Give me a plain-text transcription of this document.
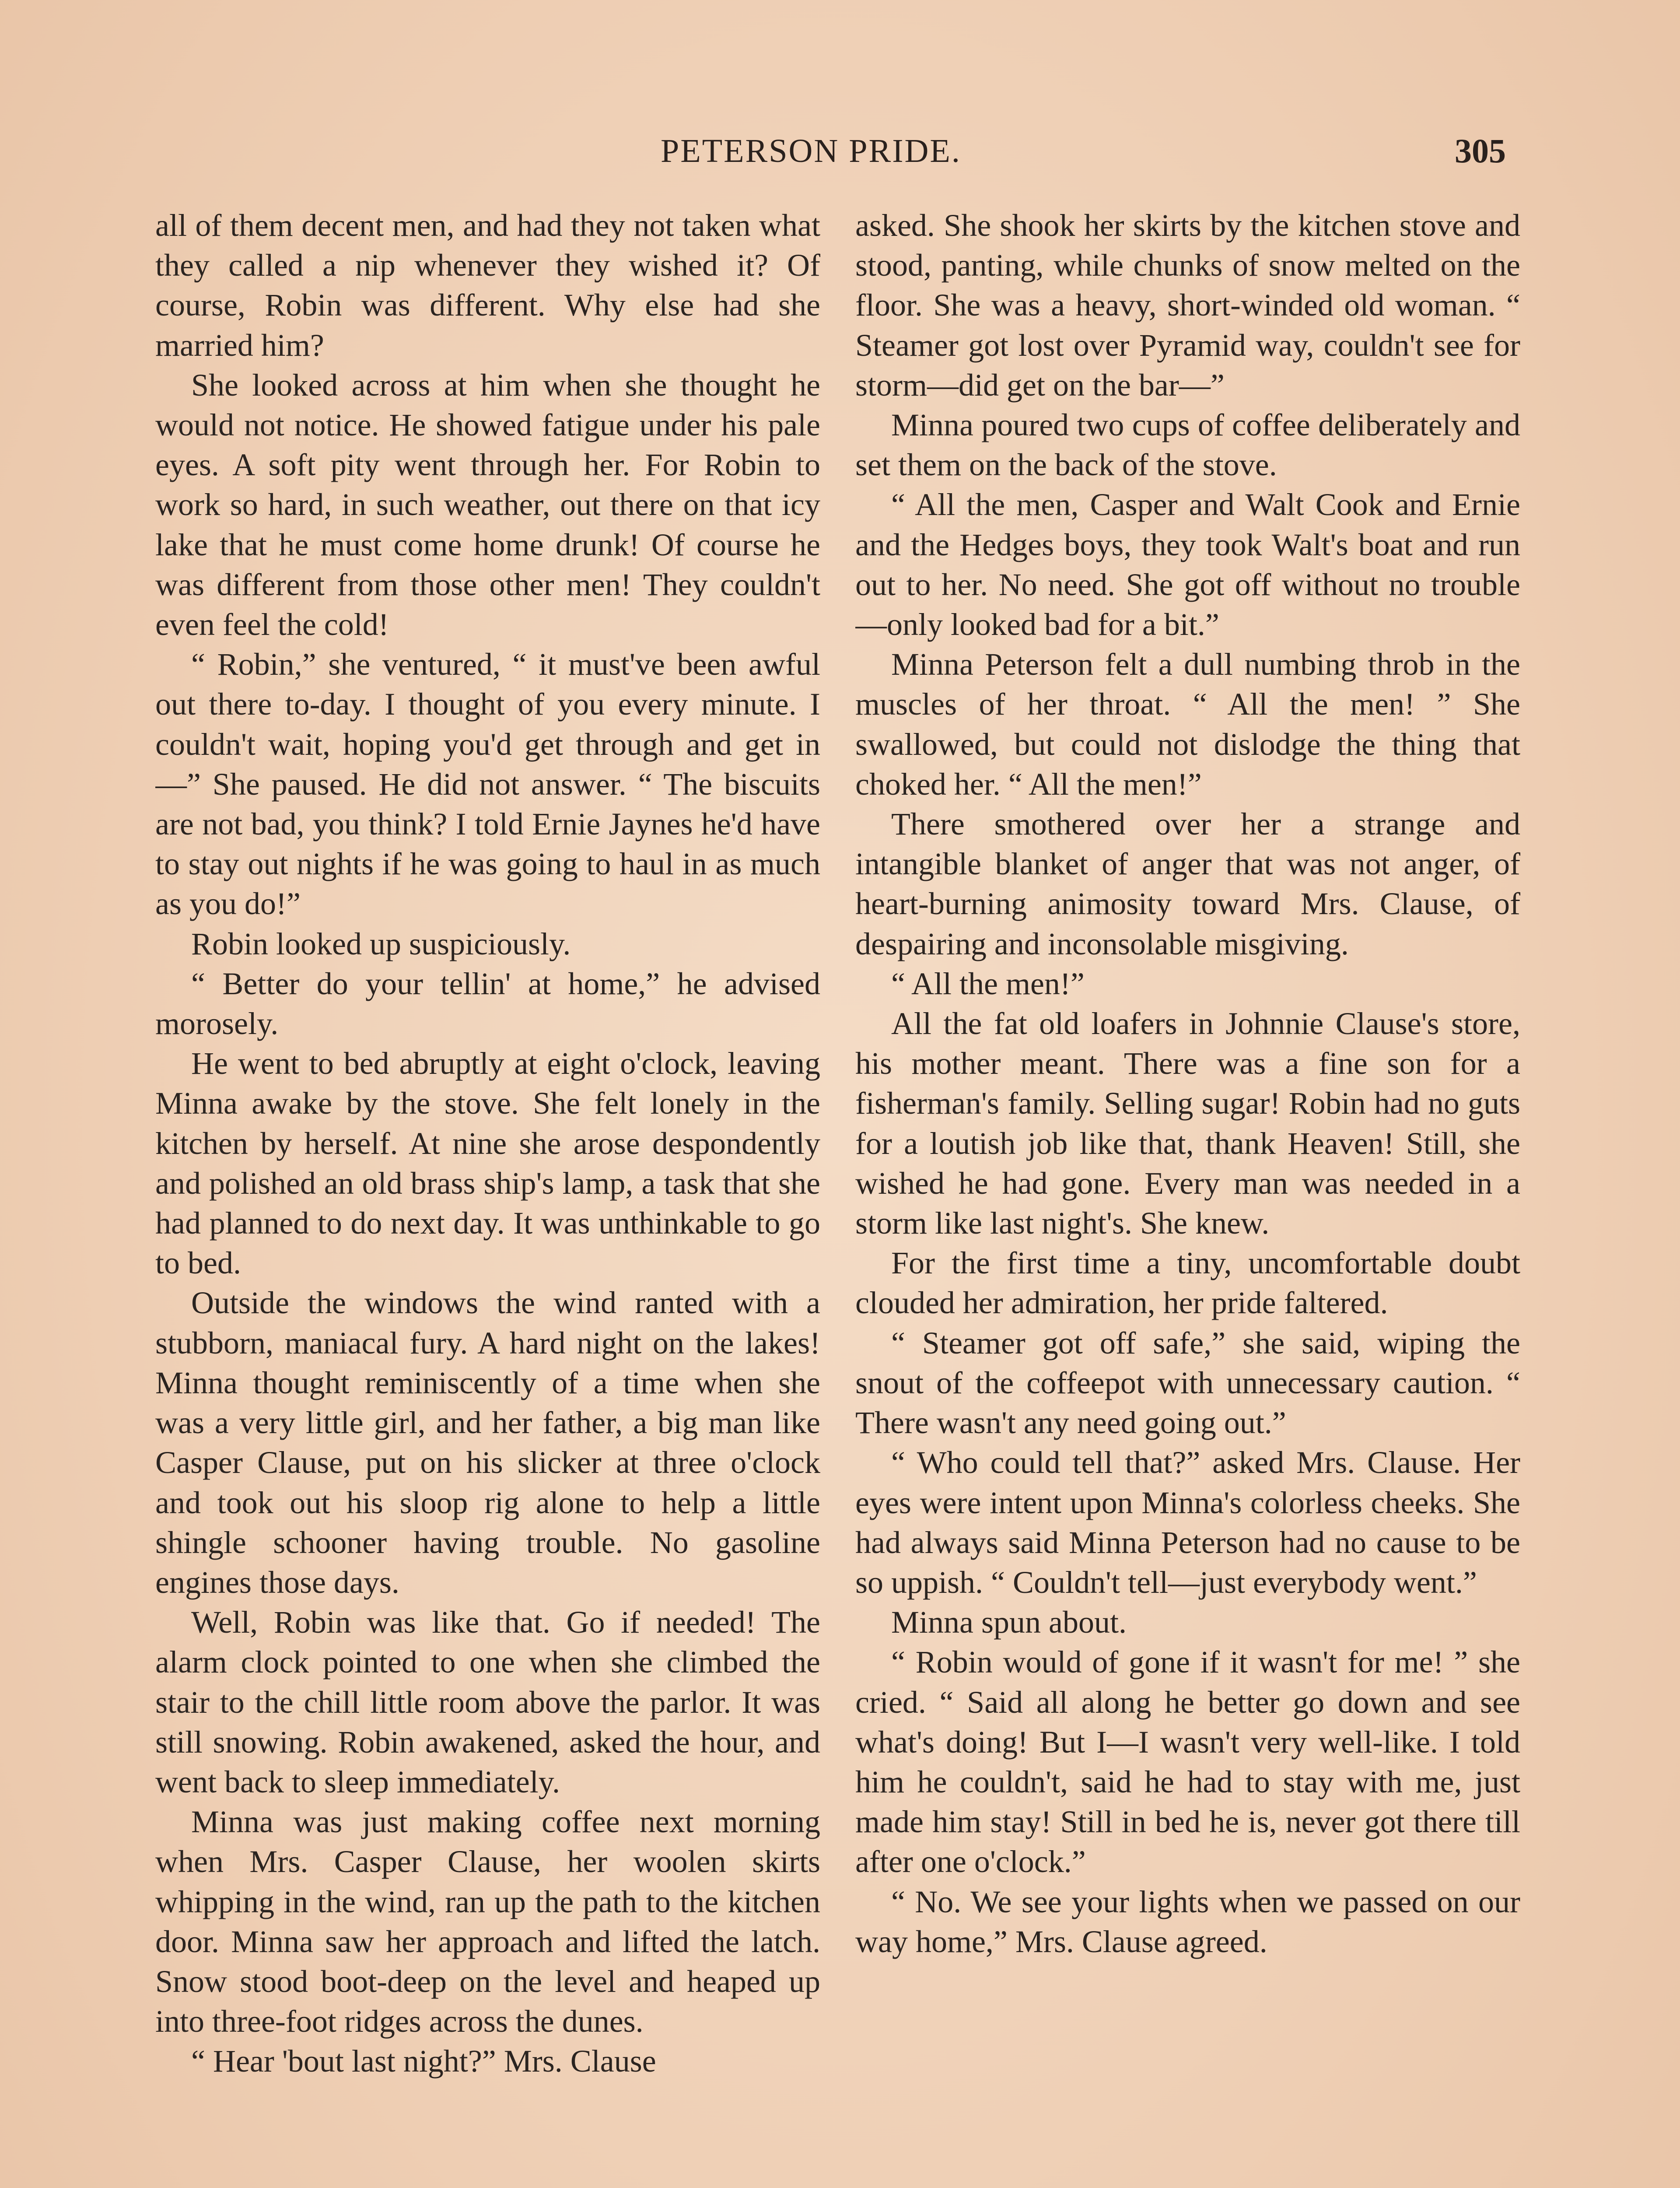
PETERSON PRIDE.	305

all of them decent men, and had they not taken what they called a nip whenever they wished it? Of course, Robin was different. Why else had she married him?

She looked across at him when she thought he would not notice. He showed fatigue under his pale eyes. A soft pity went through her. For Robin to work so hard, in such weather, out there on that icy lake that he must come home drunk! Of course he was different from those other men! They couldn't even feel the cold!

“ Robin,” she ventured, “ it must've been awful out there to-day. I thought of you every minute. I couldn't wait, hoping you'd get through and get in—” She paused. He did not answer. “ The biscuits are not bad, you think? I told Ernie Jaynes he'd have to stay out nights if he was going to haul in as much as you do!”

Robin looked up suspiciously.

“ Better do your tellin' at home,” he advised morosely.

He went to bed abruptly at eight o'clock, leaving Minna awake by the stove. She felt lonely in the kitchen by herself. At nine she arose despondently and polished an old brass ship's lamp, a task that she had planned to do next day. It was unthinkable to go to bed.

Outside the windows the wind ranted with a stubborn, maniacal fury. A hard night on the lakes! Minna thought reminiscently of a time when she was a very little girl, and her father, a big man like Casper Clause, put on his slicker at three o'clock and took out his sloop rig alone to help a little shingle schooner having trouble. No gasoline engines those days.

Well, Robin was like that. Go if needed! The alarm clock pointed to one when she climbed the stair to the chill little room above the parlor. It was still snowing. Robin awakened, asked the hour, and went back to sleep immediately.

Minna was just making coffee next morning when Mrs. Casper Clause, her woolen skirts whipping in the wind, ran up the path to the kitchen door. Minna saw her approach and lifted the latch. Snow stood boot-deep on the level and heaped up into three-foot ridges across the dunes.

“ Hear 'bout last night?” Mrs. Clause

asked. She shook her skirts by the kitchen stove and stood, panting, while chunks of snow melted on the floor. She was a heavy, short-winded old woman. “ Steamer got lost over Pyramid way, couldn't see for storm—did get on the bar—”

Minna poured two cups of coffee deliberately and set them on the back of the stove.

“ All the men, Casper and Walt Cook and Ernie and the Hedges boys, they took Walt's boat and run out to her. No need. She got off without no trouble—only looked bad for a bit.”

Minna Peterson felt a dull numbing throb in the muscles of her throat. “ All the men! ” She swallowed, but could not dislodge the thing that choked her. “ All the men!”

There smothered over her a strange and intangible blanket of anger that was not anger, of heart-burning animosity toward Mrs. Clause, of despairing and inconsolable misgiving.

“ All the men!”

All the fat old loafers in Johnnie Clause's store, his mother meant. There was a fine son for a fisherman's family. Selling sugar! Robin had no guts for a loutish job like that, thank Heaven! Still, she wished he had gone. Every man was needed in a storm like last night's. She knew.

For the first time a tiny, uncomfortable doubt clouded her admiration, her pride faltered.

“ Steamer got off safe,” she said, wiping the snout of the coffeepot with unnecessary caution. “ There wasn't any need going out.”

“ Who could tell that?” asked Mrs. Clause. Her eyes were intent upon Minna's colorless cheeks. She had always said Minna Peterson had no cause to be so uppish. “ Couldn't tell—just everybody went.”

Minna spun about.

“ Robin would of gone if it wasn't for me! ” she cried. “ Said all along he better go down and see what's doing! But I—I wasn't very well-like. I told him he couldn't, said he had to stay with me, just made him stay! Still in bed he is, never got there till after one o'clock.”

“ No. We see your lights when we passed on our way home,” Mrs. Clause agreed.
